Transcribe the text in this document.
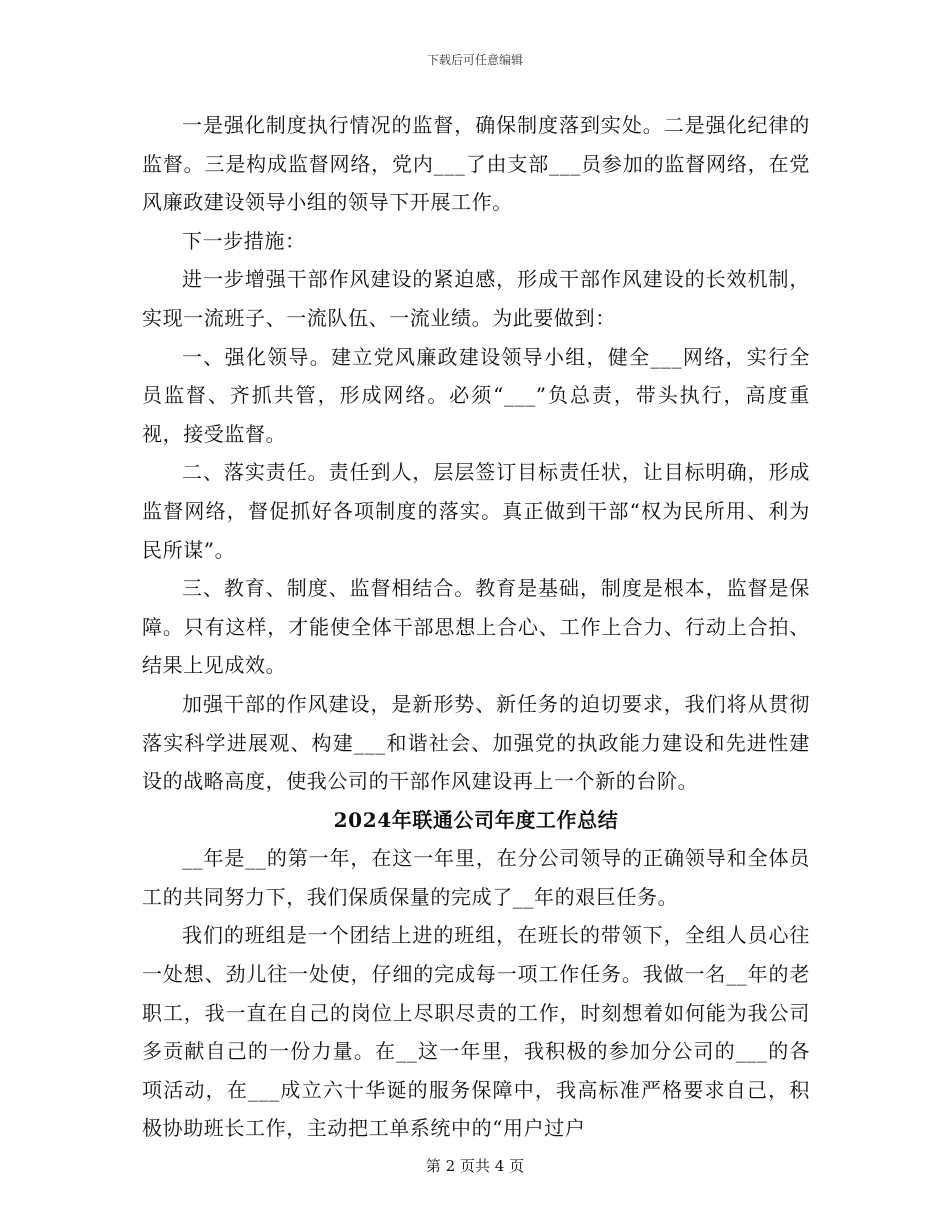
下载后可任意编辑

一是强化制度执行情况的监督，确保制度落到实处。二是强化纪律的监督。三是构成监督网络，党内___了由支部___员参加的监督网络，在党风廉政建设领导小组的领导下开展工作。

下一步措施：

进一步增强干部作风建设的紧迫感，形成干部作风建设的长效机制，实现一流班子、一流队伍、一流业绩。为此要做到：

一、强化领导。建立党风廉政建设领导小组，健全___网络，实行全员监督、齐抓共管，形成网络。必须“___”负总责，带头执行，高度重视，接受监督。

二、落实责任。责任到人，层层签订目标责任状，让目标明确，形成监督网络，督促抓好各项制度的落实。真正做到干部“权为民所用、利为民所谋”。

三、教育、制度、监督相结合。教育是基础，制度是根本，监督是保障。只有这样，才能使全体干部思想上合心、工作上合力、行动上合拍、结果上见成效。

加强干部的作风建设，是新形势、新任务的迫切要求，我们将从贯彻落实科学进展观、构建___和谐社会、加强党的执政能力建设和先进性建设的战略高度，使我公司的干部作风建设再上一个新的台阶。

2024年联通公司年度工作总结

__年是__的第一年，在这一年里，在分公司领导的正确领导和全体员工的共同努力下，我们保质保量的完成了__年的艰巨任务。

我们的班组是一个团结上进的班组，在班长的带领下，全组人员心往一处想、劲儿往一处使，仔细的完成每一项工作任务。我做一名__年的老职工，我一直在自己的岗位上尽职尽责的工作，时刻想着如何能为我公司多贡献自己的一份力量。在__这一年里，我积极的参加分公司的___的各项活动，在___成立六十华诞的服务保障中，我高标准严格要求自己，积极协助班长工作，主动把工单系统中的“用户过户

第 2 页共 4 页
